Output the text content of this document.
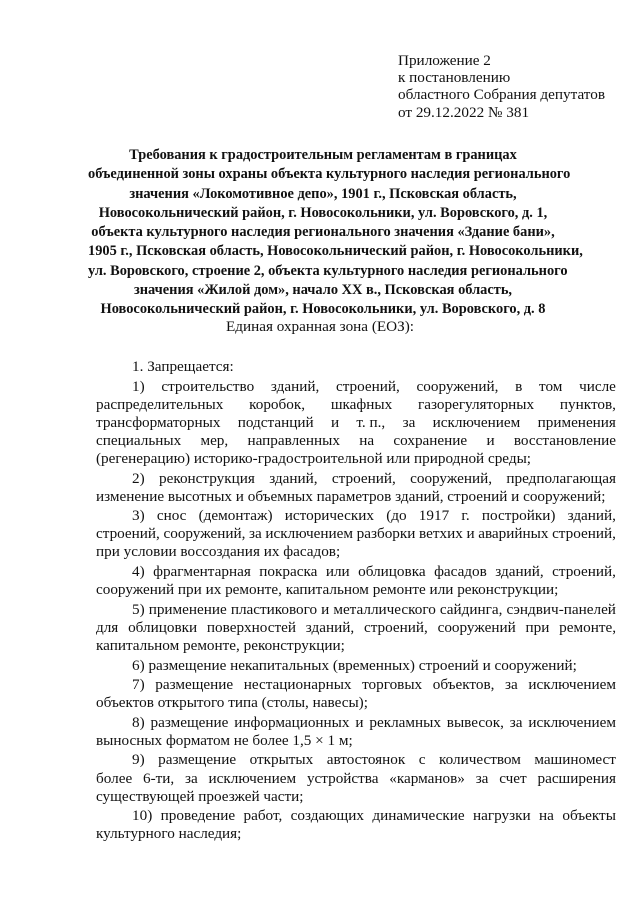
Приложение 2
к постановлению
областного Собрания депутатов
от 29.12.2022 № 381
Требования к градостроительным регламентам в границах
объединенной зоны охраны объекта культурного наследия регионального
значения «Локомотивное депо», 1901 г., Псковская область,
Новосокольнический район, г. Новосокольники, ул. Воровского, д. 1,
объекта культурного наследия регионального значения «Здание бани»,
1905 г., Псковская область, Новосокольнический район, г. Новосокольники,
ул. Воровского, строение 2, объекта культурного наследия регионального
значения «Жилой дом», начало XX в., Псковская область,
Новосокольнический район, г. Новосокольники, ул. Воровского, д. 8
Единая охранная зона (ЕОЗ):
1. Запрещается:
1) строительство зданий, строений, сооружений, в том числе
распределительных коробок, шкафных газорегуляторных пунктов,
трансформаторных подстанций и т. п., за исключением применения
специальных мер, направленных на сохранение и восстановление
(регенерацию) историко-градостроительной или природной среды;
2) реконструкция зданий, строений, сооружений, предполагающая
изменение высотных и объемных параметров зданий, строений и сооружений;
3) снос (демонтаж) исторических (до 1917 г. постройки) зданий,
строений, сооружений, за исключением разборки ветхих и аварийных строений,
при условии воссоздания их фасадов;
4) фрагментарная покраска или облицовка фасадов зданий, строений,
сооружений при их ремонте, капитальном ремонте или реконструкции;
5) применение пластикового и металлического сайдинга, сэндвич-панелей
для облицовки поверхностей зданий, строений, сооружений при ремонте,
капитальном ремонте, реконструкции;
6) размещение некапитальных (временных) строений и сооружений;
7) размещение нестационарных торговых объектов, за исключением
объектов открытого типа (столы, навесы);
8) размещение информационных и рекламных вывесок, за исключением
выносных форматом не более 1,5 × 1 м;
9) размещение открытых автостоянок с количеством машиномест
более 6-ти, за исключением устройства «карманов» за счет расширения
существующей проезжей части;
10) проведение работ, создающих динамические нагрузки на объекты
культурного наследия;
